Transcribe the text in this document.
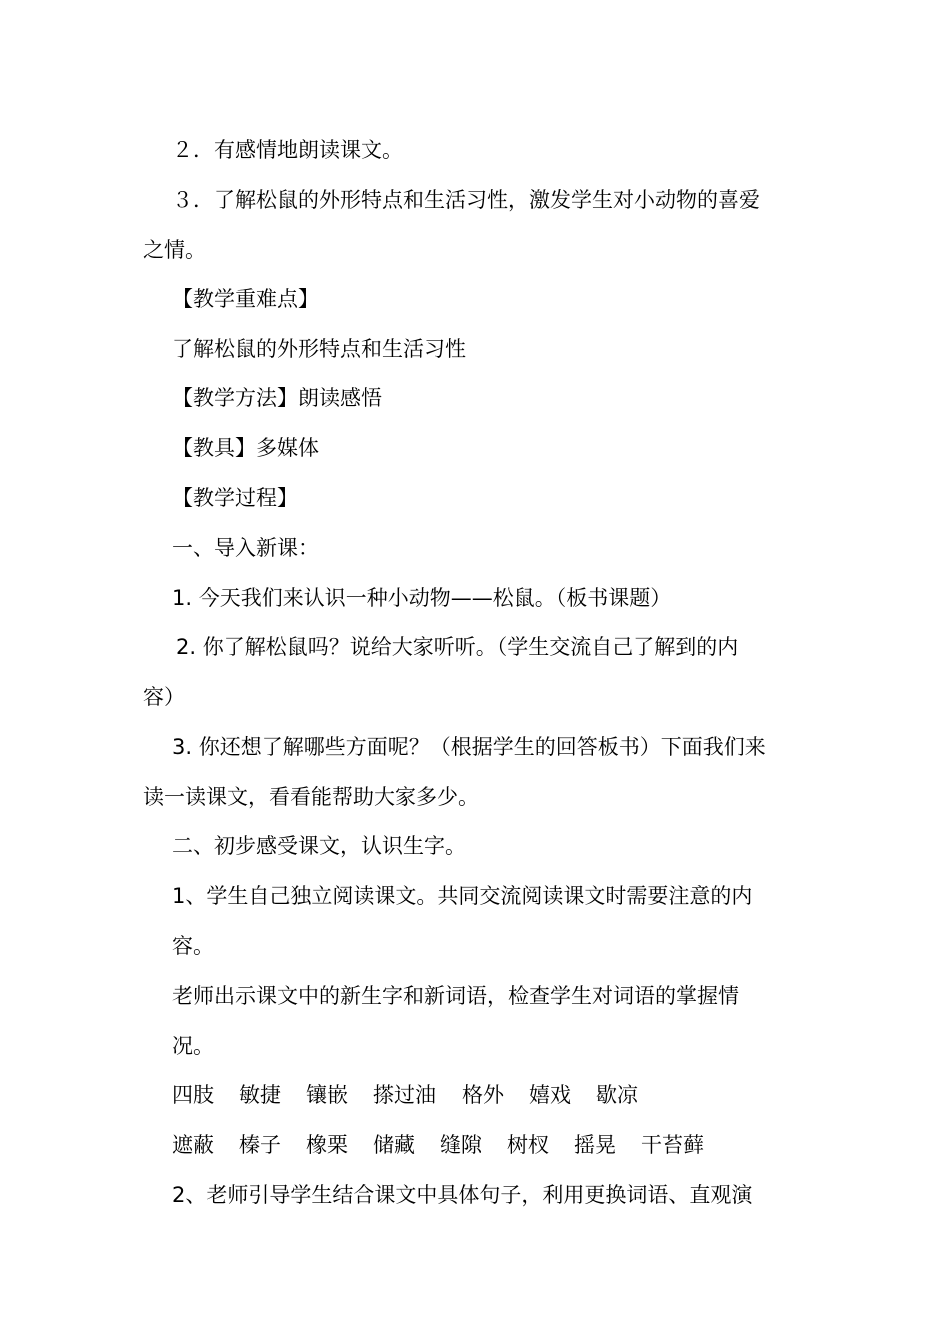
２．有感情地朗读课文。

３．了解松鼠的外形特点和生活习性，激发学生对小动物的喜爱

之情。

【教学重难点】

了解松鼠的外形特点和生活习性

【教学方法】朗读感悟

【教具】多媒体

【教学过程】

一、导入新课：

1. 今天我们来认识一种小动物——松鼠。（板书课题）

2. 你了解松鼠吗？说给大家听听。（学生交流自己了解到的内

容）

3. 你还想了解哪些方面呢？（根据学生的回答板书）下面我们来

读一读课文，看看能帮助大家多少。

二、初步感受课文，认识生字。

1、学生自己独立阅读课文。共同交流阅读课文时需要注意的内

容。

老师出示课文中的新生字和新词语，检查学生对词语的掌握情

况。

四肢	敏捷	镶嵌	搽过油	格外	嬉戏	歇凉
遮蔽	榛子	橡栗	储藏	缝隙	树杈	摇晃	干苔藓

2、老师引导学生结合课文中具体句子，利用更换词语、直观演
